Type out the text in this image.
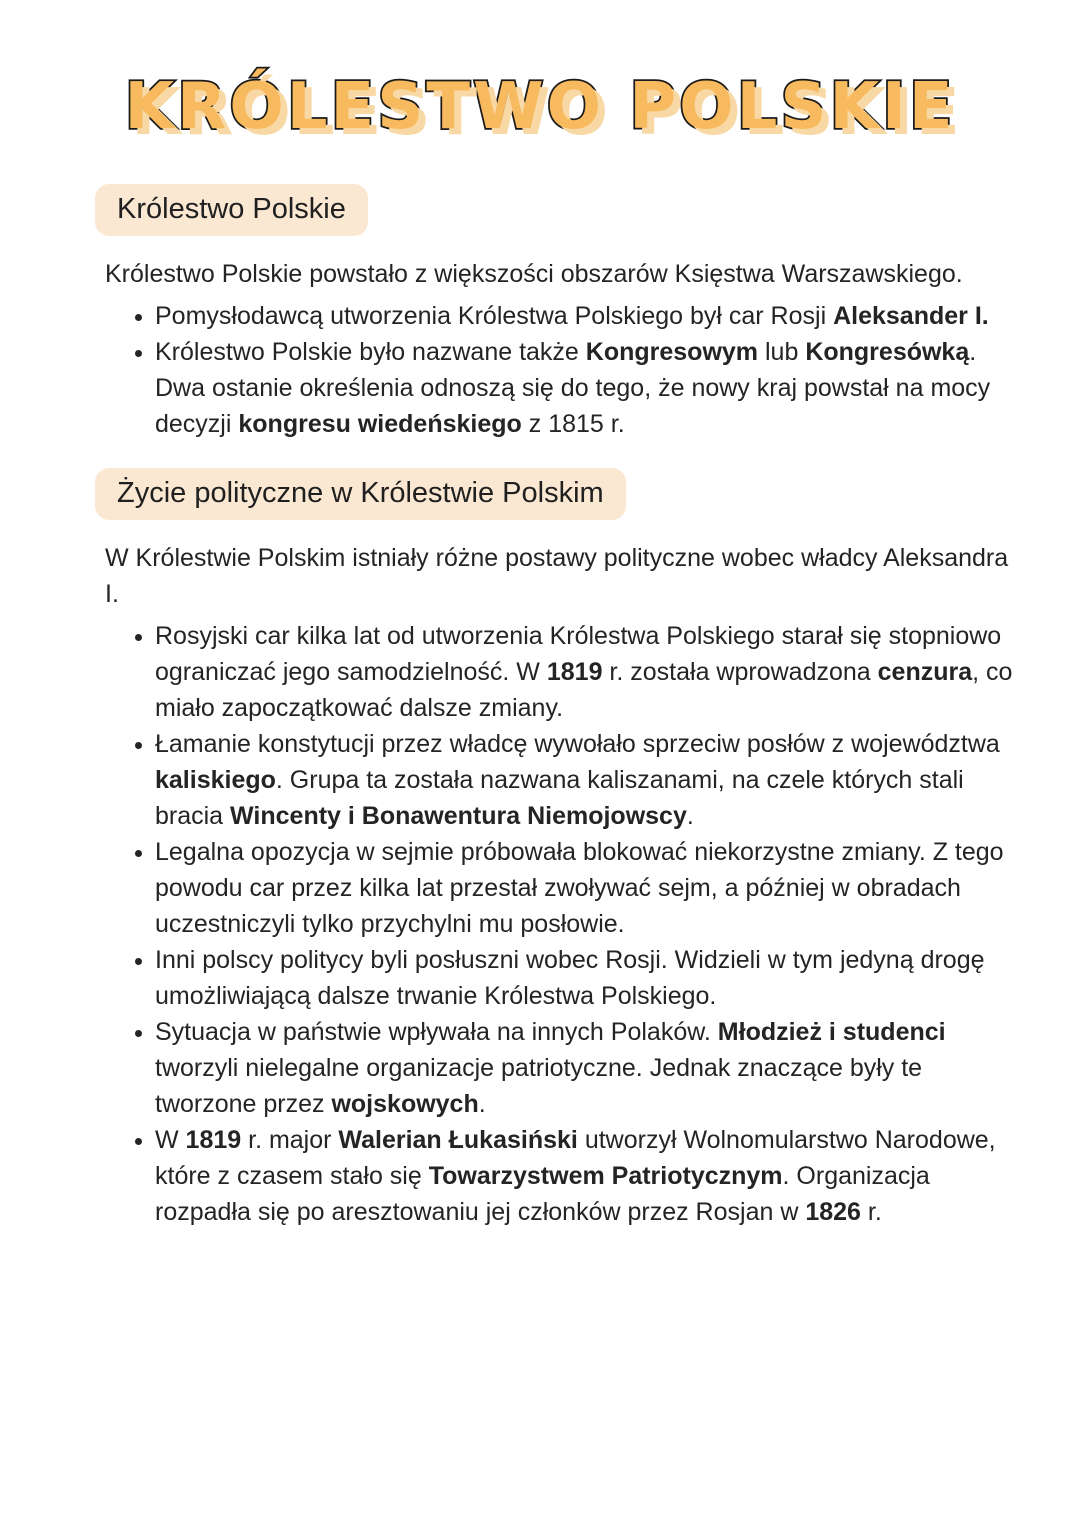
KRÓLESTWO POLSKIE
Królestwo Polskie

Królestwo Polskie powstało z większości obszarów Księstwa Warszawskiego.

• Pomysłodawcą utworzenia Królestwa Polskiego był car Rosji Aleksander I.
• Królestwo Polskie było nazwane także Kongresowym lub Kongresówką. Dwa ostanie określenia odnoszą się do tego, że nowy kraj powstał na mocy decyzji kongresu wiedeńskiego z 1815 r.
Życie polityczne w Królestwie Polskim

W Królestwie Polskim istniały różne postawy polityczne wobec władcy Aleksandra I.

• Rosyjski car kilka lat od utworzenia Królestwa Polskiego starał się stopniowo ograniczać jego samodzielność. W 1819 r. została wprowadzona cenzura, co miało zapoczątkować dalsze zmiany.
• Łamanie konstytucji przez władcę wywołało sprzeciw posłów z województwa kaliskiego. Grupa ta została nazwana kaliszanami, na czele których stali bracia Wincenty i Bonawentura Niemojowscy.
• Legalna opozycja w sejmie próbowała blokować niekorzystne zmiany. Z tego powodu car przez kilka lat przestał zwoływać sejm, a później w obradach uczestniczyli tylko przychylni mu posłowie.
• Inni polscy politycy byli posłuszni wobec Rosji. Widzieli w tym jedyną drogę umożliwiającą dalsze trwanie Królestwa Polskiego.
• Sytuacja w państwie wpływała na innych Polaków. Młodzież i studenci tworzyli nielegalne organizacje patriotyczne. Jednak znaczące były te tworzone przez wojskowych.
• W 1819 r. major Walerian Łukasiński utworzył Wolnomularstwo Narodowe, które z czasem stało się Towarzystwem Patriotycznym. Organizacja rozpadła się po aresztowaniu jej członków przez Rosjan w 1826 r.
